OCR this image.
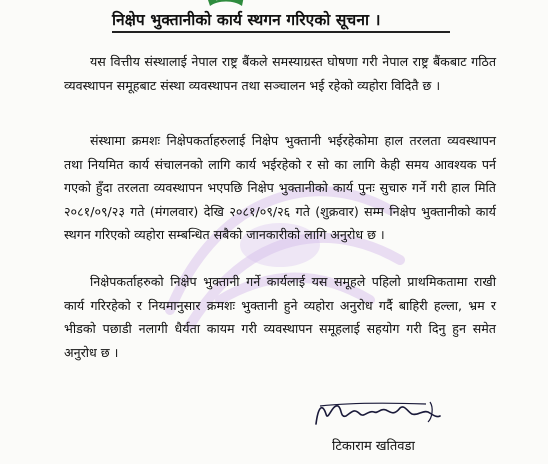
निक्षेप भुक्तानीको कार्य स्थगन गरिएको सूचना ।

यस वित्तीय संस्थालाई नेपाल राष्ट्र बैंकले समस्याग्रस्त घोषणा गरी नेपाल राष्ट्र बैंकबाट गठित व्यवस्थापन समूहबाट संस्था व्यवस्थापन तथा सञ्चालन भई रहेको व्यहोरा विदितै छ ।

संस्थामा क्रमशः निक्षेपकर्ताहरुलाई निक्षेप भुक्तानी भईरहेकोमा हाल तरलता व्यवस्थापन तथा नियमित कार्य संचालनको लागि कार्य भईरहेको र सो का लागि केही समय आवश्यक पर्न गएको हुँदा तरलता व्यवस्थापन भएपछि निक्षेप भुक्तानीको कार्य पुनः सुचारु गर्ने गरी हाल मिति २०८१/०९/२३ गते (मंगलवार) देखि २०८१/०९/२६ गते (शुक्रवार) सम्म निक्षेप भुक्तानीको कार्य स्थगन गरिएको व्यहोरा सम्बन्धित सबैको जानकारीको लागि अनुरोध छ ।

निक्षेपकर्ताहरुको निक्षेप भुक्तानी गर्ने कार्यलाई यस समूहले पहिलो प्राथमिकतामा राखी कार्य गरिरहेको र नियमानुसार क्रमशः भुक्तानी हुने व्यहोरा अनुरोध गर्दै बाहिरी हल्ला, भ्रम र भीडको पछाडी नलागी धैर्यता कायम गरी व्यवस्थापन समूहलाई सहयोग गरी दिनु हुन समेत अनुरोध छ ।

टिकाराम खतिवडा
